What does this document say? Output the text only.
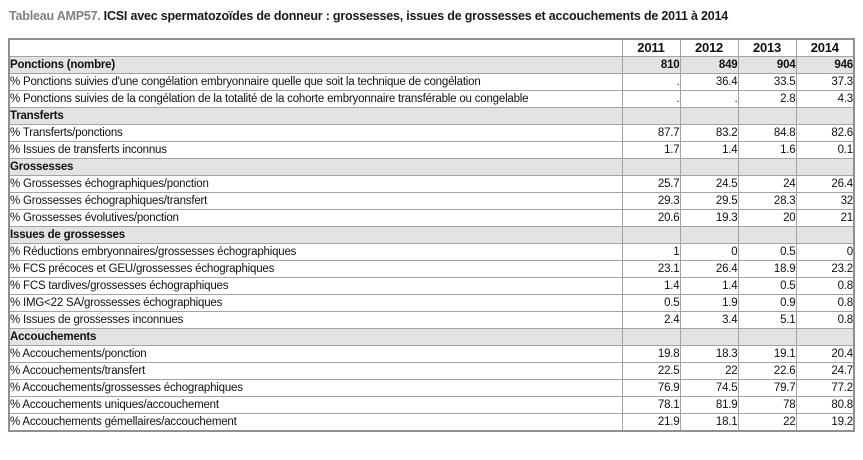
Tableau AMP57. ICSI avec spermatozoïdes de donneur : grossesses, issues de grossesses et accouchements de 2011 à 2014
	2011	2012	2013	2014
Ponctions (nombre)	810	849	904	946
% Ponctions suivies d'une congélation embryonnaire quelle que soit la technique de congélation	.	36.4	33.5	37.3
% Ponctions suivies de la congélation de la totalité de la cohorte embryonnaire transférable ou congelable	.	.	2.8	4.3
Transferts				
% Transferts/ponctions	87.7	83.2	84.8	82.6
% Issues de transferts inconnus	1.7	1.4	1.6	0.1
Grossesses				
% Grossesses échographiques/ponction	25.7	24.5	24	26.4
% Grossesses échographiques/transfert	29.3	29.5	28.3	32
% Grossesses évolutives/ponction	20.6	19.3	20	21
Issues de grossesses				
% Réductions embryonnaires/grossesses échographiques	1	0	0.5	0
% FCS précoces et GEU/grossesses échographiques	23.1	26.4	18.9	23.2
% FCS tardives/grossesses échographiques	1.4	1.4	0.5	0.8
% IMG<22 SA/grossesses échographiques	0.5	1.9	0.9	0.8
% Issues de grossesses inconnues	2.4	3.4	5.1	0.8
Accouchements				
% Accouchements/ponction	19.8	18.3	19.1	20.4
% Accouchements/transfert	22.5	22	22.6	24.7
% Accouchements/grossesses échographiques	76.9	74.5	79.7	77.2
% Accouchements uniques/accouchement	78.1	81.9	78	80.8
% Accouchements gémellaires/accouchement	21.9	18.1	22	19.2
